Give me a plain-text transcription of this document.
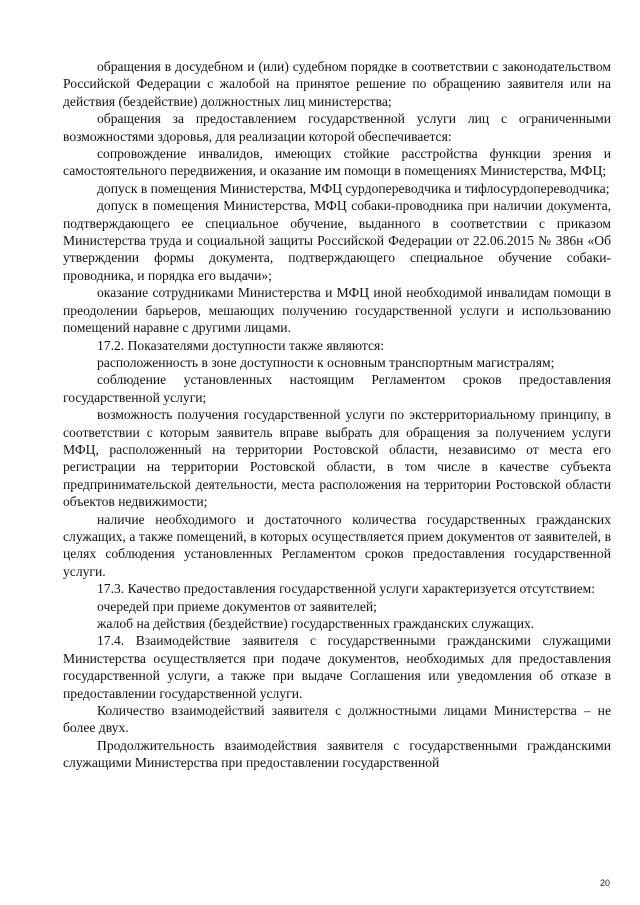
обращения в досудебном и (или) судебном порядке в соответствии с законодательством Российской Федерации с жалобой на принятое решение по обращению заявителя или на действия (бездействие) должностных лиц министерства;

обращения за предоставлением государственной услуги лиц с ограниченными возможностями здоровья, для реализации которой обеспечивается:

сопровождение инвалидов, имеющих стойкие расстройства функции зрения и самостоятельного передвижения, и оказание им помощи в помещениях Министерства, МФЦ;

допуск в помещения Министерства, МФЦ сурдопереводчика и тифлосурдопереводчика;

допуск в помещения Министерства, МФЦ собаки-проводника при наличии документа, подтверждающего ее специальное обучение, выданного в соответствии с приказом Министерства труда и социальной защиты Российской Федерации от 22.06.2015 № 386н «Об утверждении формы документа, подтверждающего специальное обучение собаки-проводника, и порядка его выдачи»;

оказание сотрудниками Министерства и МФЦ иной необходимой инвалидам помощи в преодолении барьеров, мешающих получению государственной услуги и использованию помещений наравне с другими лицами.

17.2. Показателями доступности также являются:

расположенность в зоне доступности к основным транспортным магистралям;

соблюдение установленных настоящим Регламентом сроков предоставления государственной услуги;

возможность получения государственной услуги по экстерриториальному принципу, в соответствии с которым заявитель вправе выбрать для обращения за получением услуги МФЦ, расположенный на территории Ростовской области, независимо от места его регистрации на территории Ростовской области, в том числе в качестве субъекта предпринимательской деятельности, места расположения на территории Ростовской области объектов недвижимости;

наличие необходимого и достаточного количества государственных гражданских служащих, а также помещений, в которых осуществляется прием документов от заявителей, в целях соблюдения установленных Регламентом сроков предоставления государственной услуги.

17.3. Качество предоставления государственной услуги характеризуется отсутствием:

очередей при приеме документов от заявителей;

жалоб на действия (бездействие) государственных гражданских служащих.

17.4. Взаимодействие заявителя с государственными гражданскими служащими Министерства осуществляется при подаче документов, необходимых для предоставления государственной услуги, а также при выдаче Соглашения или уведомления об отказе в предоставлении государственной услуги.

Количество взаимодействий заявителя с должностными лицами Министерства – не более двух.

Продолжительность взаимодействия заявителя с государственными гражданскими служащими Министерства при предоставлении государственной

20
